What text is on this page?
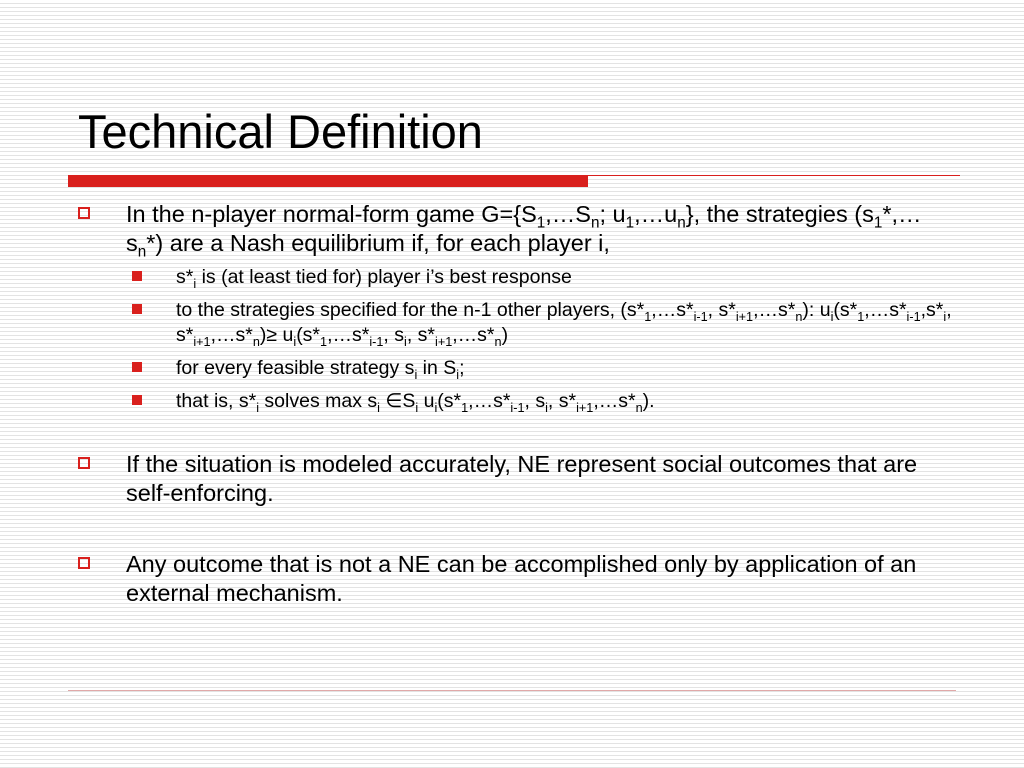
Technical Definition
In the n-player normal-form game $G=\{S_1,\dots S_n$; $u_1,\dots u_n$}, the strategies $(s_1*,\dots s_n*)$ are a Nash equilibrium if, for each player i,
$s*_i$ is (at least tied for) player i’s best response
to the strategies specified for the n-1 other players, ($s*_1,\dots s*_{i-1}$, $s*_{i+1},\dots s*_n$): $u_i(s*_1,\dots s*_{i-1},s*_i$, $s*_{i+1},\dots s*_n)\ge$ $u_i(s*_1,\dots s*_{i-1}$, $s_i$, $s*_{i+1},\dots s*_n$)
for every feasible strategy $s_i$ in $S_i$;
that is, $s*_i$ solves $\max s_i$ $\in S_i$ $u_i(s*_1,\dots s*_{i-1}$, $s_i$, $s*_{i+1},\dots s*_n$).
If the situation is modeled accurately, NE represent social outcomes that are self-enforcing.
Any outcome that is not a NE can be accomplished only by application of an external mechanism.
